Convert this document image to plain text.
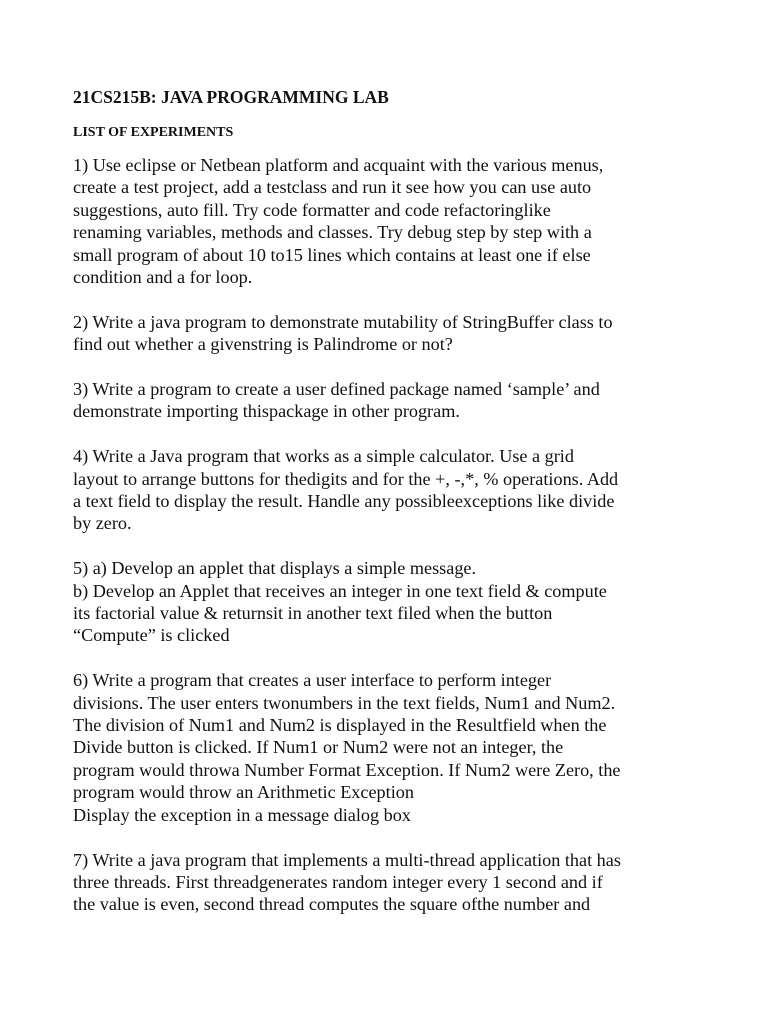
21CS215B: JAVA PROGRAMMING LAB
LIST OF EXPERIMENTS
1) Use eclipse or Netbean platform and acquaint with the various menus,
create a test project, add a testclass and run it see how you can use auto
suggestions, auto fill. Try code formatter and code refactoringlike
renaming variables, methods and classes. Try debug step by step with a
small program of about 10 to15 lines which contains at least one if else
condition and a for loop.
2) Write a java program to demonstrate mutability of StringBuffer class to
find out whether a givenstring is Palindrome or not?
3) Write a program to create a user defined package named ‘sample’ and
demonstrate importing thispackage in other program.
4) Write a Java program that works as a simple calculator. Use a grid
layout to arrange buttons for thedigits and for the +, -,*, % operations. Add
a text field to display the result. Handle any possibleexceptions like divide
by zero.
5) a) Develop an applet that displays a simple message.
b) Develop an Applet that receives an integer in one text field & compute
its factorial value & returnsit in another text filed when the button
“Compute” is clicked
6) Write a program that creates a user interface to perform integer
divisions. The user enters twonumbers in the text fields, Num1 and Num2.
The division of Num1 and Num2 is displayed in the Resultfield when the
Divide button is clicked. If Num1 or Num2 were not an integer, the
program would throwa Number Format Exception. If Num2 were Zero, the
program would throw an Arithmetic Exception
Display the exception in a message dialog box
7) Write a java program that implements a multi-thread application that has
three threads. First threadgenerates random integer every 1 second and if
the value is even, second thread computes the square ofthe number and
